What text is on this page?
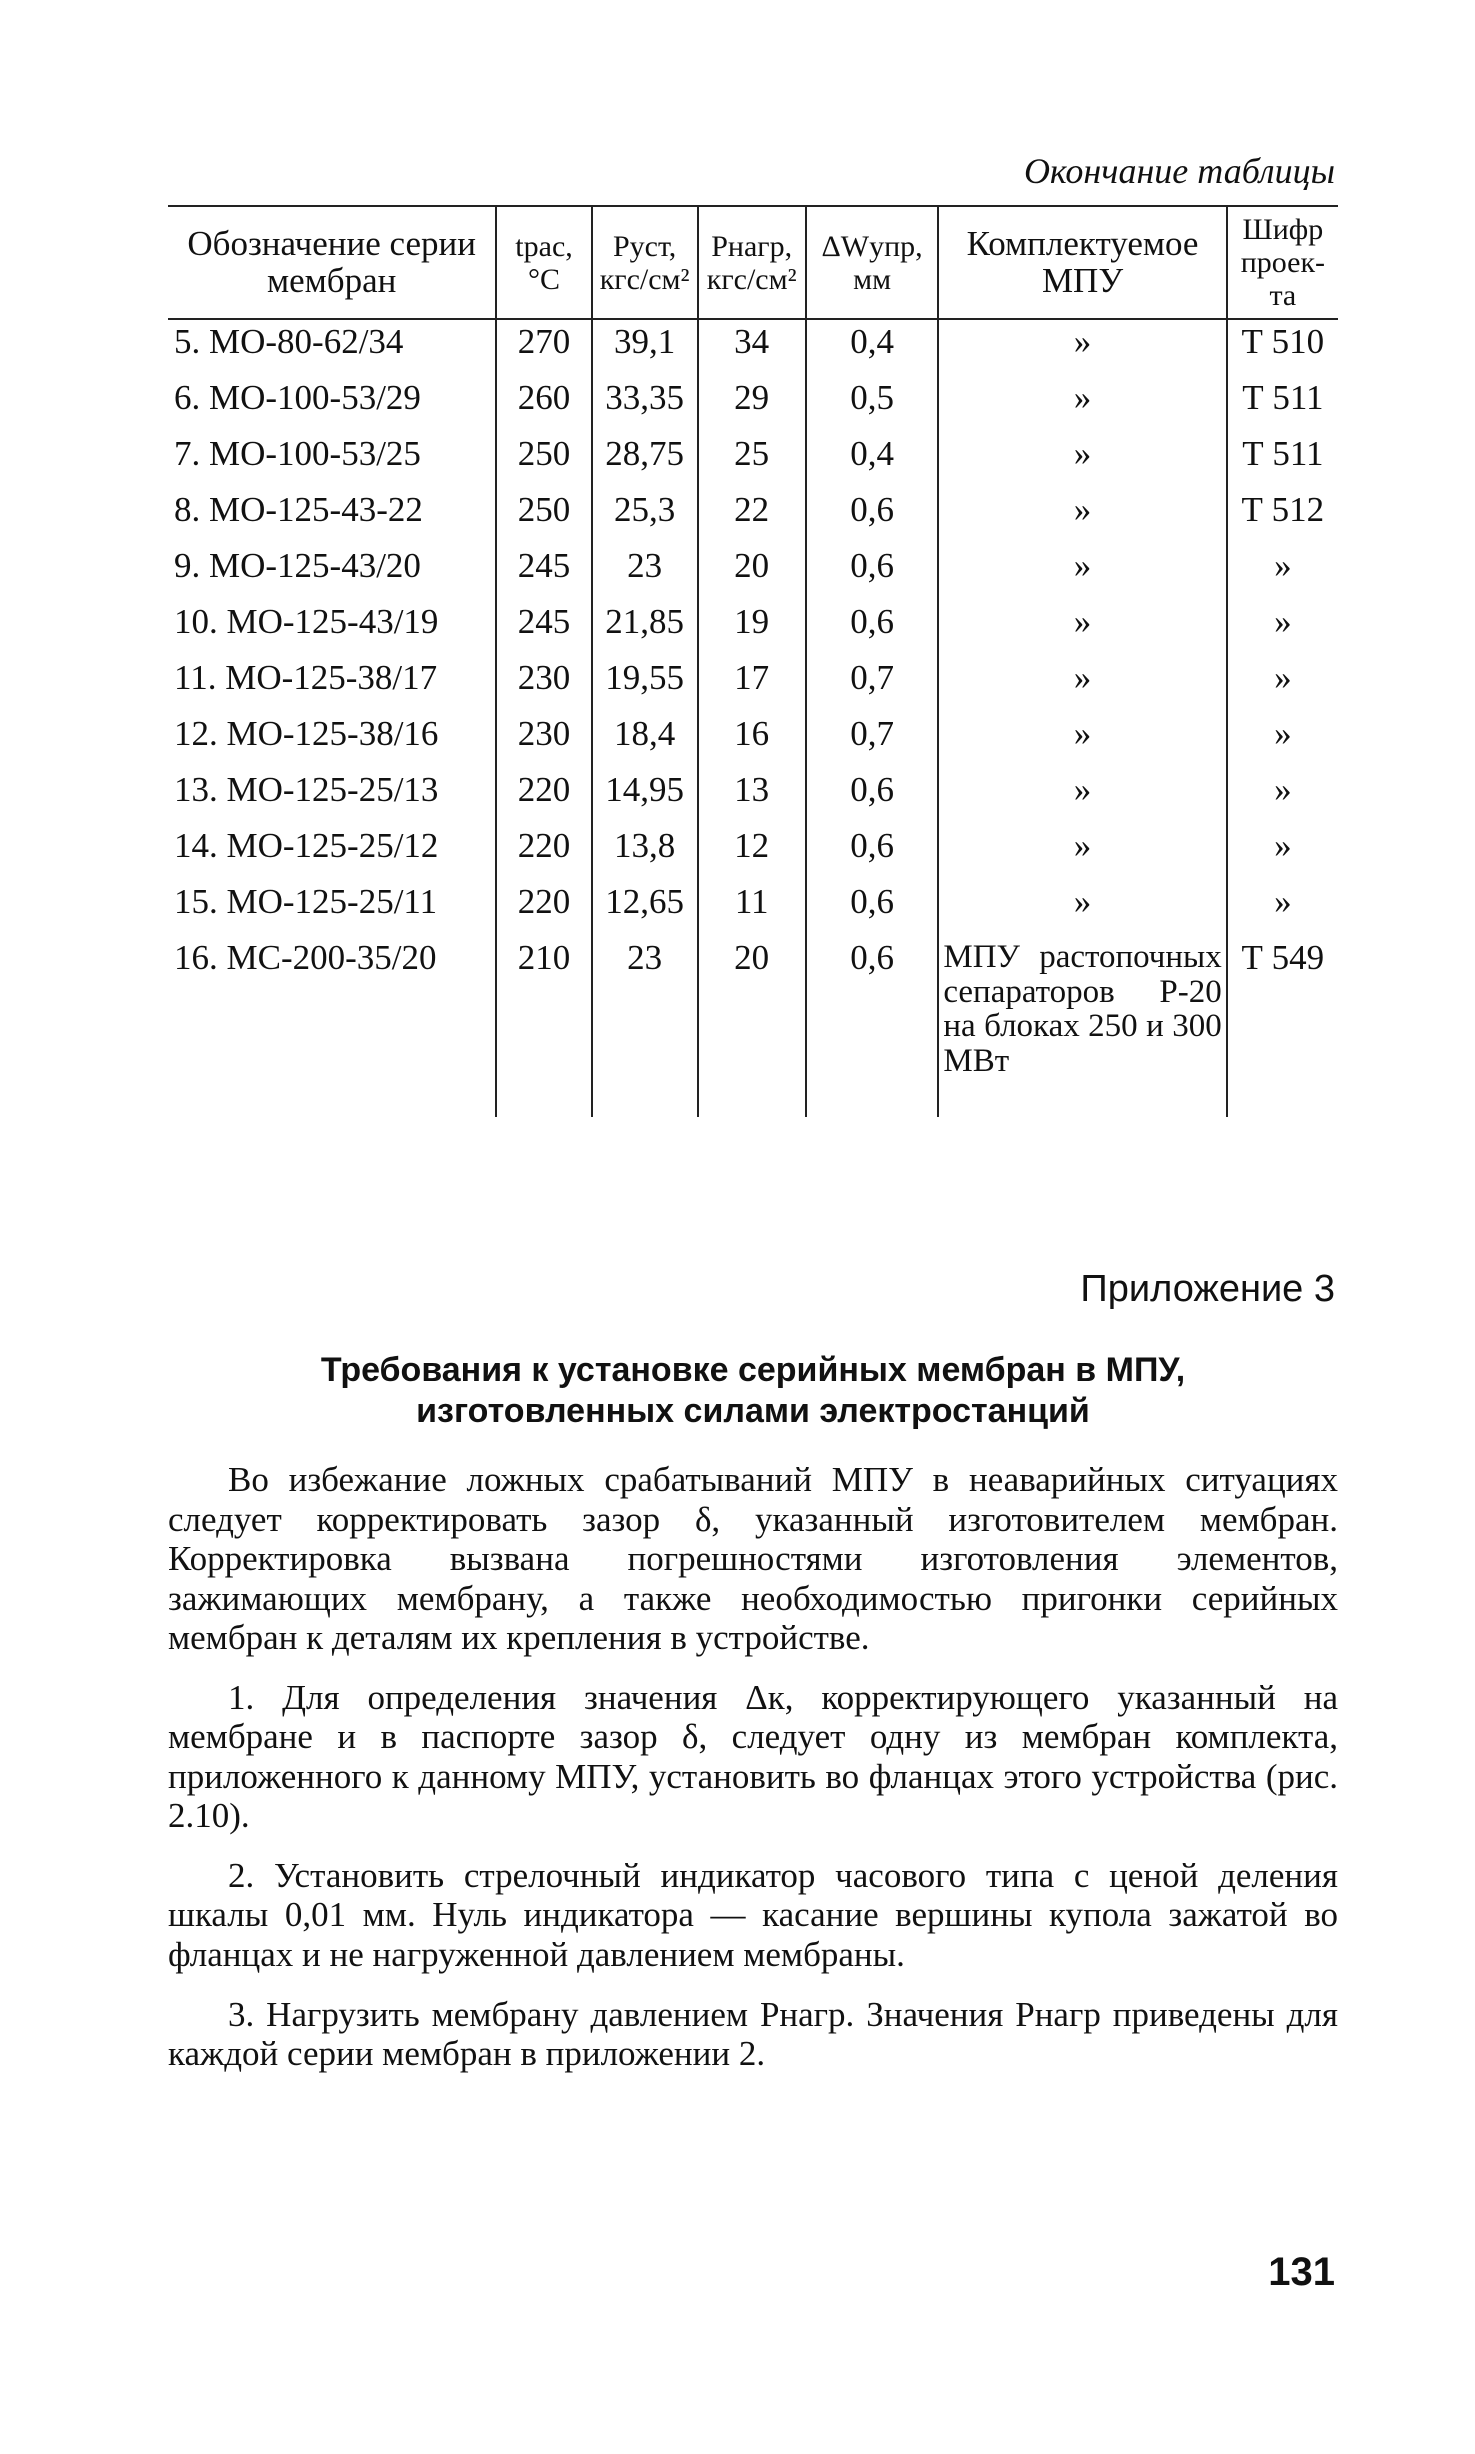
Окончание таблицы
Обозначение серии мембран	tрас, °C	Pуст, кгс/см²	Pнагр, кгс/см²	ΔWупр, мм	Комплектуемое МПУ	Шифр проек-та
5. МО-80-62/34	270	39,1	34	0,4	»	Т 510
6. МО-100-53/29	260	33,35	29	0,5	»	Т 511
7. МО-100-53/25	250	28,75	25	0,4	»	Т 511
8. МО-125-43-22	250	25,3	22	0,6	»	Т 512
9. МО-125-43/20	245	23	20	0,6	»	»
10. МО-125-43/19	245	21,85	19	0,6	»	»
11. МО-125-38/17	230	19,55	17	0,7	»	»
12. МО-125-38/16	230	18,4	16	0,7	»	»
13. МО-125-25/13	220	14,95	13	0,6	»	»
14. МО-125-25/12	220	13,8	12	0,6	»	»
15. МО-125-25/11	220	12,65	11	0,6	»	»
16. МС-200-35/20	210	23	20	0,6	МПУ растопочных сепараторов Р-20 на блоках 250 и 300 МВт	Т 549
Приложение 3
Требования к установке серийных мембран в МПУ,
изготовленных силами электростанций

Во избежание ложных срабатываний МПУ в неаварийных ситуациях следует корректировать зазор δ, указанный изготовителем мембран. Корректировка вызвана погрешностями изготовления элементов, зажимающих мембрану, а также необходимостью пригонки серийных мембран к деталям их крепления в устройстве.

1. Для определения значения Δк, корректирующего указанный на мембране и в паспорте зазор δ, следует одну из мембран комплекта, приложенного к данному МПУ, установить во фланцах этого устройства (рис. 2.10).

2. Установить стрелочный индикатор часового типа с ценой деления шкалы 0,01 мм. Нуль индикатора — касание вершины купола зажатой во фланцах и не нагруженной давлением мембраны.

3. Нагрузить мембрану давлением Рнагр. Значения Рнагр приведены для каждой серии мембран в приложении 2.

131
